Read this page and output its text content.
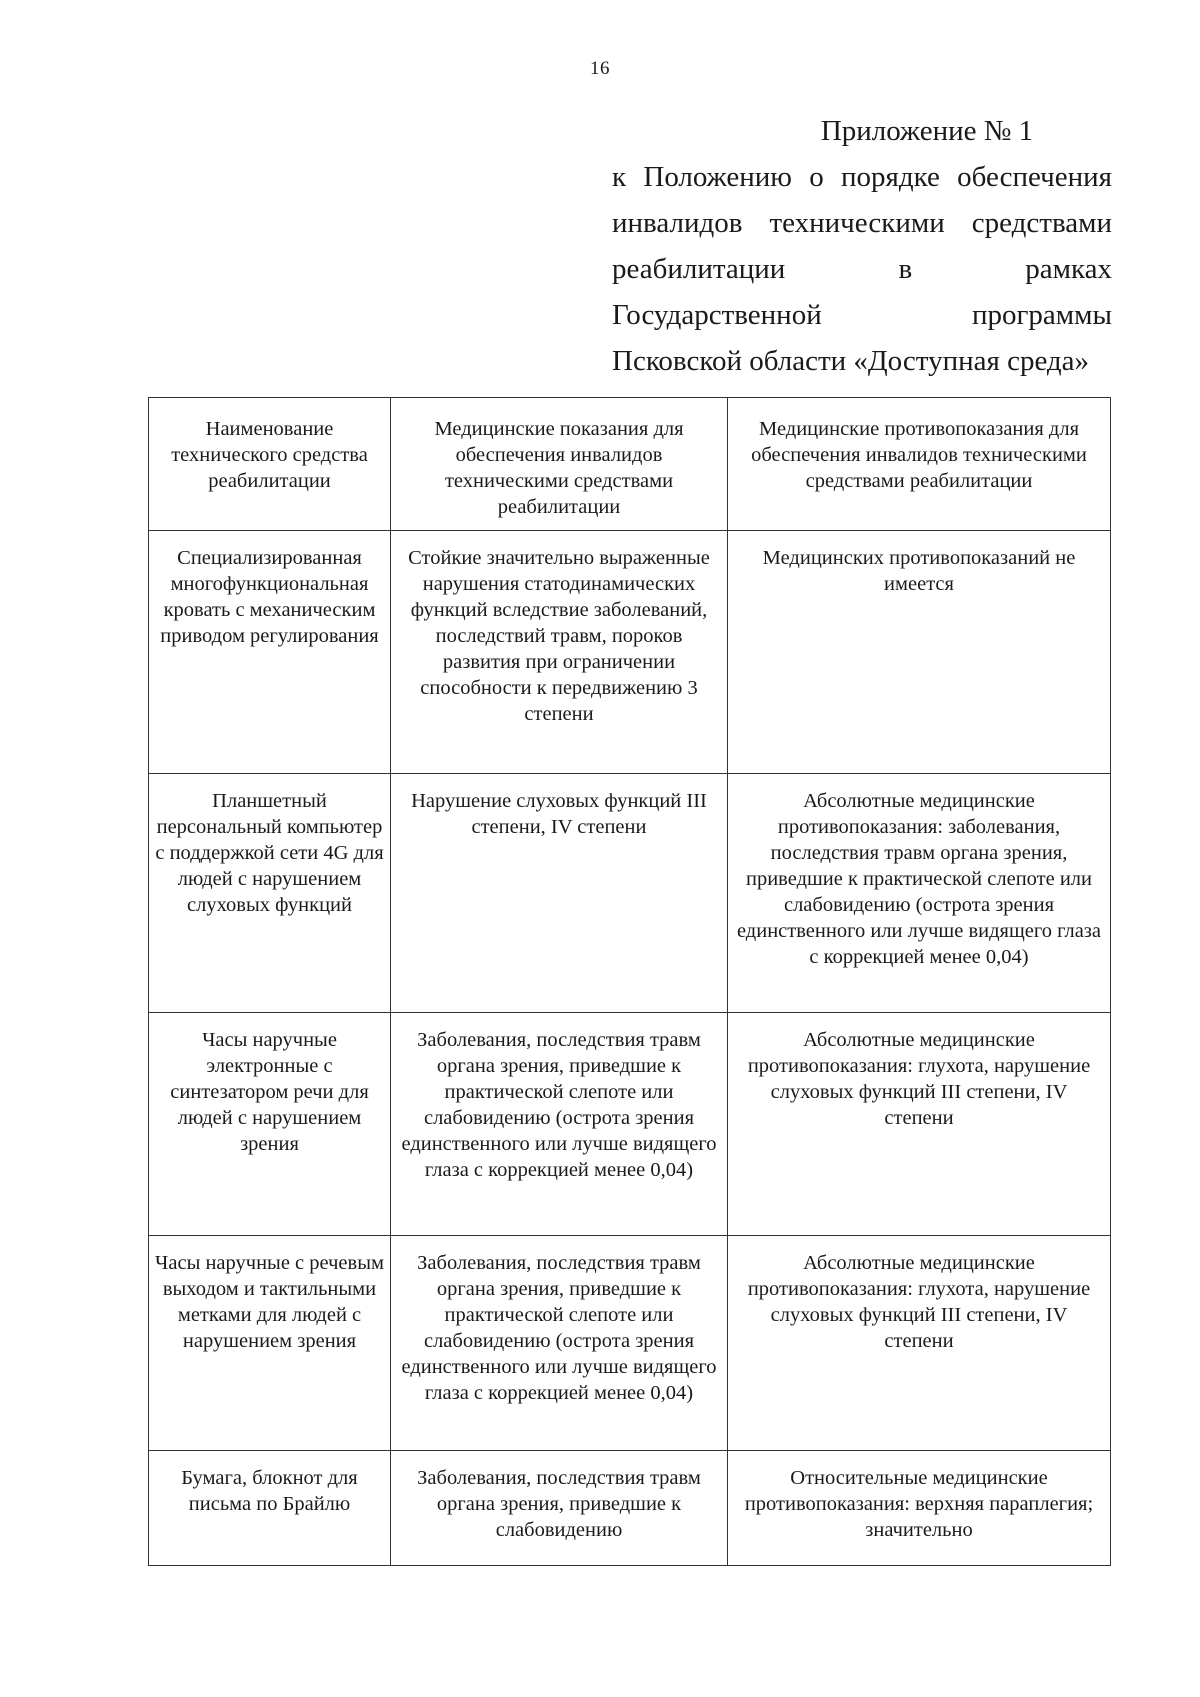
16
Приложение № 1
к Положению о порядке обеспечения
инвалидов техническими средствами
реабилитации	в	рамках
Государственной	программы
Псковской области «Доступная среда»
Наименование технического средства реабилитации	Медицинские показания для обеспечения инвалидов техническими средствами реабилитации	Медицинские противопоказания для обеспечения инвалидов техническими средствами реабилитации
Специализированная многофункциональная кровать с механическим приводом регулирования	Стойкие значительно выраженные нарушения статодинамических функций вследствие заболеваний, последствий травм, пороков развития при ограничении способности к передвижению 3 степени	Медицинских противопоказаний не имеется
Планшетный персональный компьютер с поддержкой сети 4G для людей с нарушением слуховых функций	Нарушение слуховых функций III степени, IV степени	Абсолютные медицинские противопоказания: заболевания, последствия травм органа зрения, приведшие к практической слепоте или слабовидению (острота зрения единственного или лучше видящего глаза с коррекцией менее 0,04)
Часы наручные электронные с синтезатором речи для людей с нарушением зрения	Заболевания, последствия травм органа зрения, приведшие к практической слепоте или слабовидению (острота зрения единственного или лучше видящего глаза с коррекцией менее 0,04)	Абсолютные медицинские противопоказания: глухота, нарушение слуховых функций III степени, IV степени
Часы наручные с речевым выходом и тактильными метками для людей с нарушением зрения	Заболевания, последствия травм органа зрения, приведшие к практической слепоте или слабовидению (острота зрения единственного или лучше видящего глаза с коррекцией менее 0,04)	Абсолютные медицинские противопоказания: глухота, нарушение слуховых функций III степени, IV степени
Бумага, блокнот для письма по Брайлю	Заболевания, последствия травм органа зрения, приведшие к слабовидению	Относительные медицинские противопоказания: верхняя параплегия; значительно
